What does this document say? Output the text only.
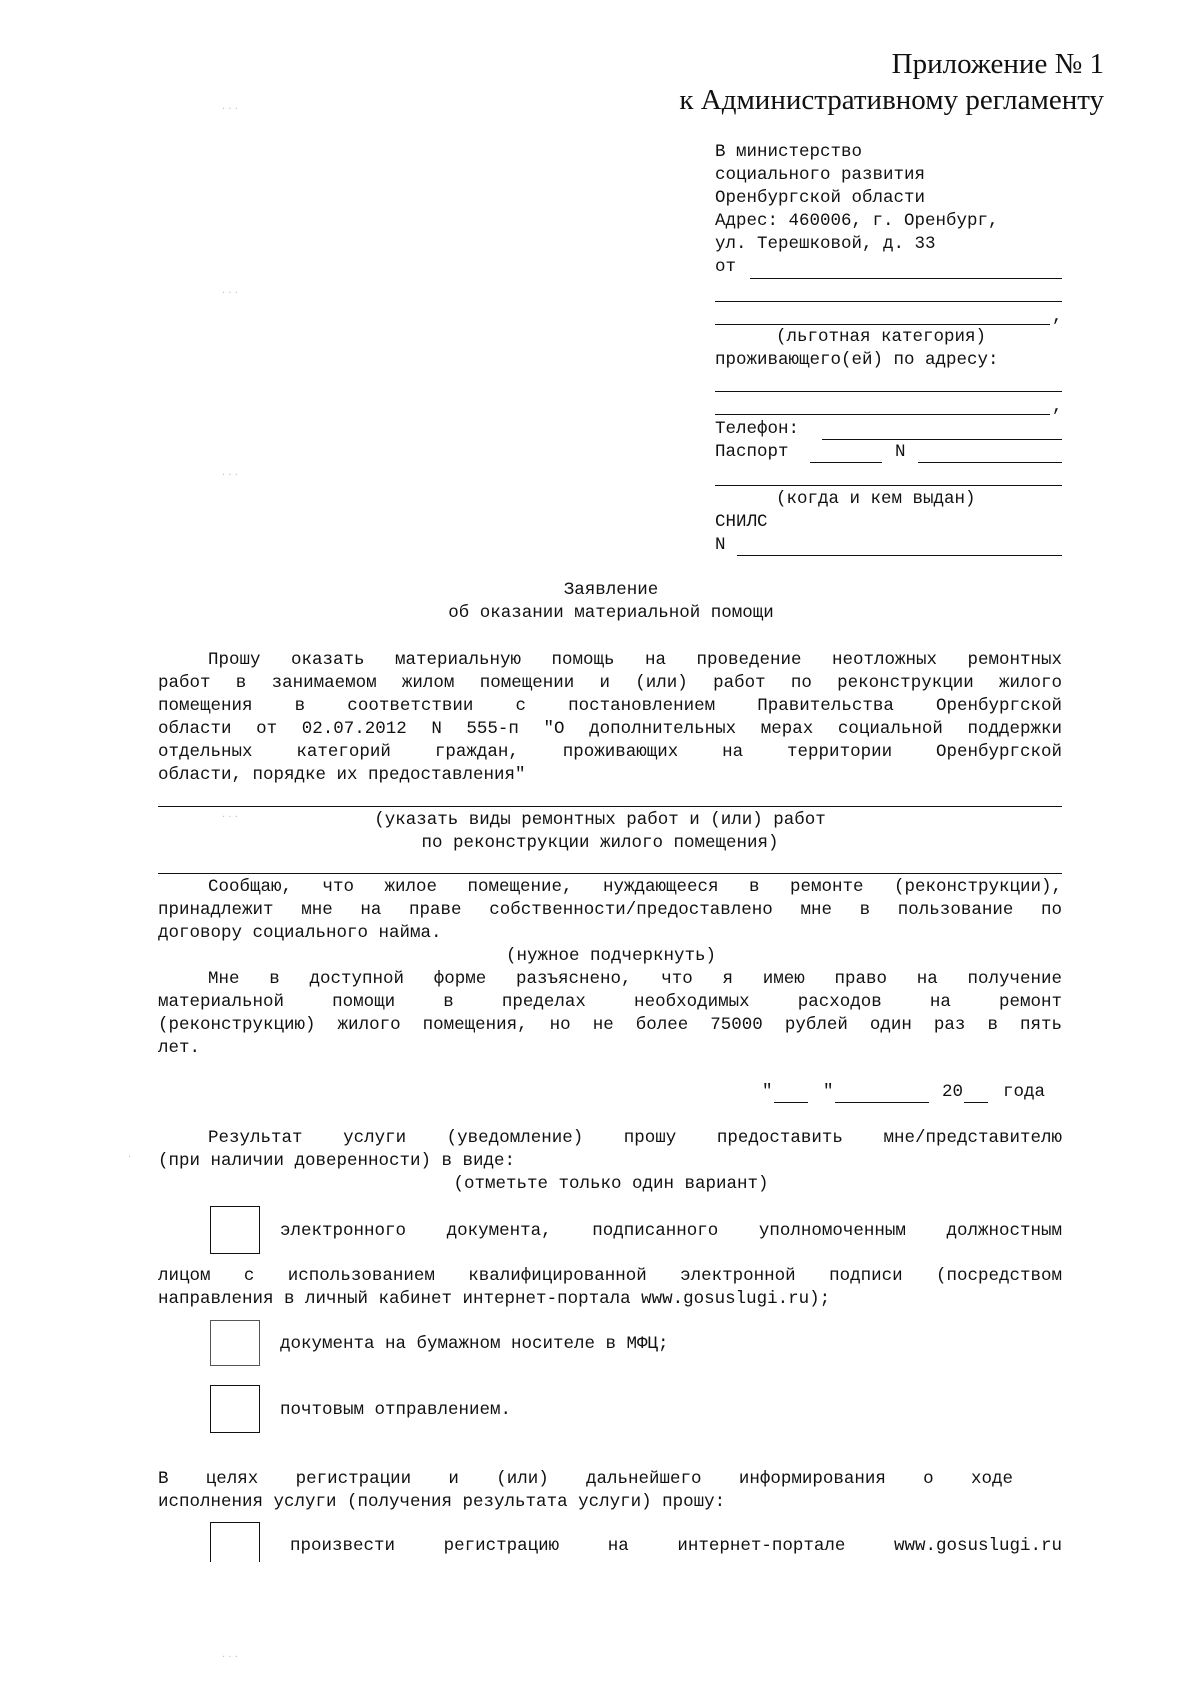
Приложение № 1
к Административному регламенту
В министерство
социального развития
Оренбургской области
Адрес: 460006, г. Оренбург,
ул. Терешковой, д. 33
от
,
(льготная категория)
проживающего(ей) по адресу:
,
Телефон:
Паспорт	N
(когда и кем выдан)
СНИЛС
N
Заявление
об оказании материальной помощи
Прошу оказать материальную помощь на проведение неотложных ремонтных
работ в занимаемом жилом помещении и (или) работ по реконструкции жилого
помещения в соответствии с постановлением Правительства Оренбургской
области от 02.07.2012 N 555-п "О дополнительных мерах социальной поддержки
отдельных категорий граждан, проживающих на территории Оренбургской
области, порядке их предоставления"
(указать виды ремонтных работ и (или) работ
по реконструкции жилого помещения)
Сообщаю, что жилое помещение, нуждающееся в ремонте (реконструкции),
принадлежит мне на праве собственности/предоставлено мне в пользование по
договору социального найма.
(нужное подчеркнуть)
Мне в доступной форме разъяснено, что я имею право на получение
материальной помощи в пределах необходимых расходов на ремонт
(реконструкцию) жилого помещения, но не более 75000 рублей один раз в пять
лет.
"	"	20 года
Результат услуги (уведомление) прошу предоставить мне/представителю
(при наличии доверенности) в виде:
(отметьте только один вариант)
электронного документа, подписанного уполномоченным должностным
лицом с использованием квалифицированной электронной подписи (посредством
направления в личный кабинет интернет-портала www.gosuslugi.ru);
документа на бумажном носителе в МФЦ;
почтовым отправлением.
В целях регистрации и (или) дальнейшего информирования о ходе
исполнения услуги (получения результата услуги) прошу:
произвести регистрацию на интернет-портале www.gosuslugi.ru
· · ·
· · ·
· · ·
· · ·
· · ·
·
